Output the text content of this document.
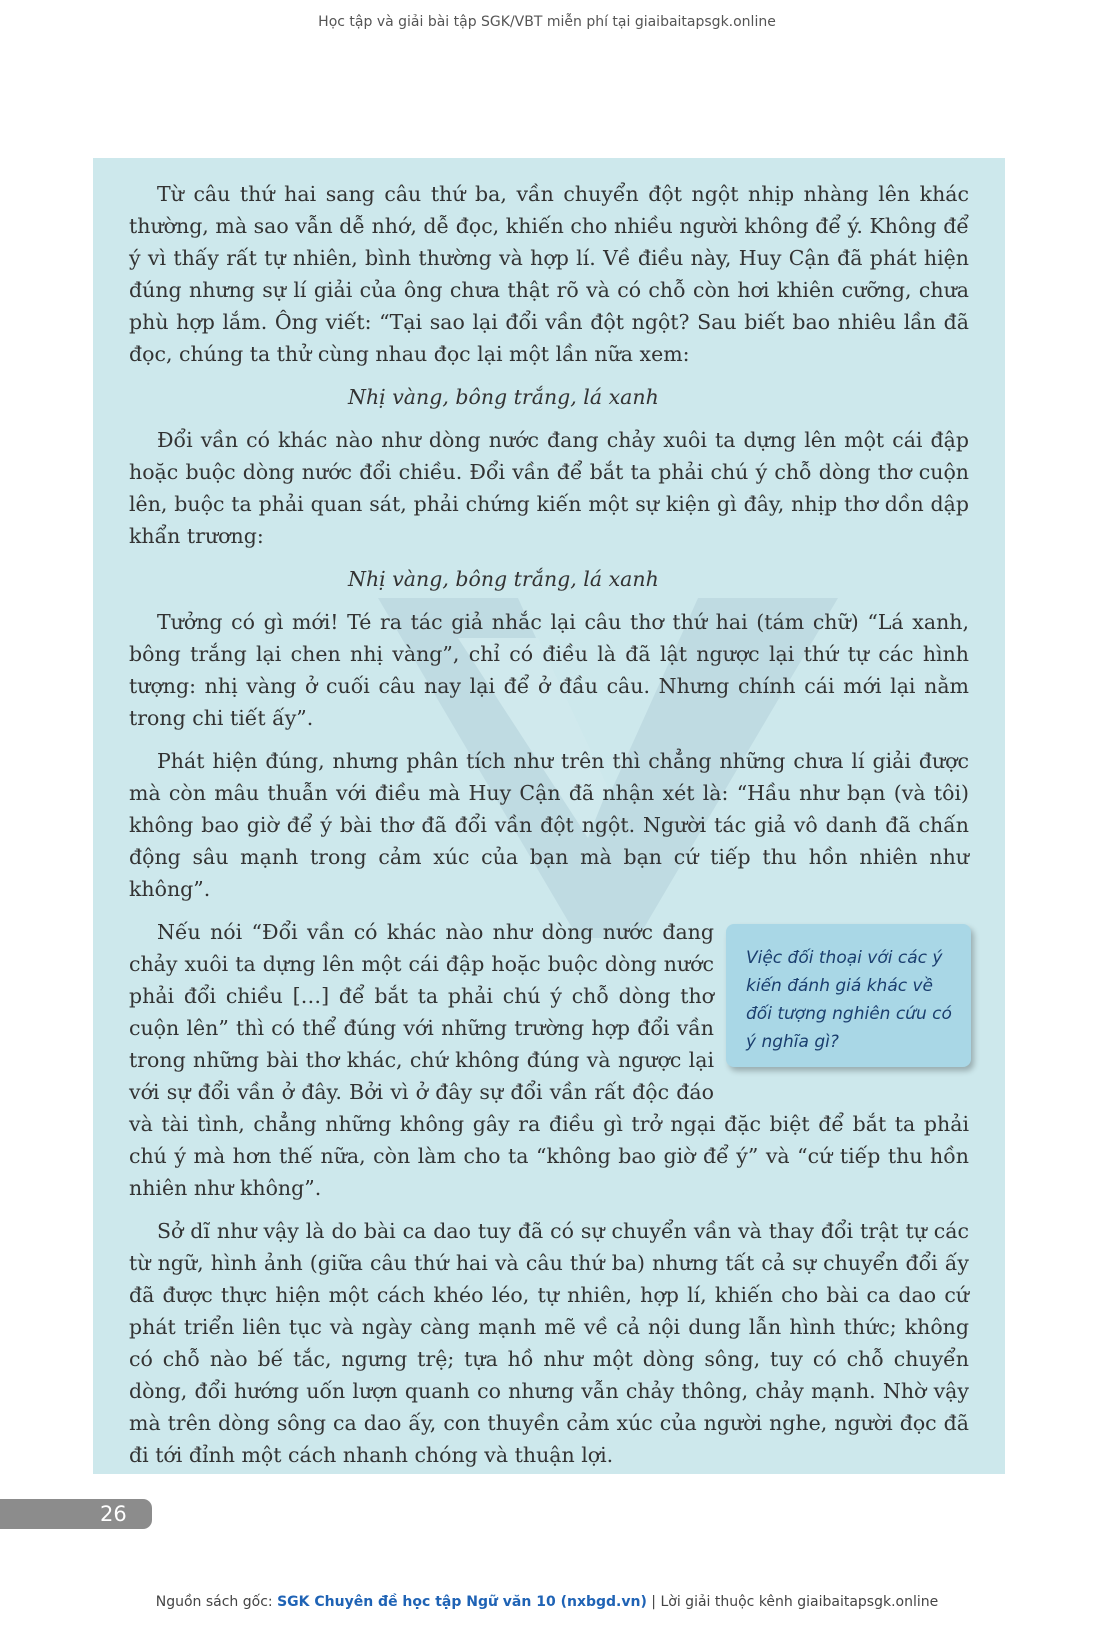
Học tập và giải bài tập SGK/VBT miễn phí tại giaibaitapsgk.online

Từ câu thứ hai sang câu thứ ba, vần chuyển đột ngột nhịp nhàng lên khác thường, mà sao vẫn dễ nhớ, dễ đọc, khiến cho nhiều người không để ý. Không để ý vì thấy rất tự nhiên, bình thường và hợp lí. Về điều này, Huy Cận đã phát hiện đúng nhưng sự lí giải của ông chưa thật rõ và có chỗ còn hơi khiên cưỡng, chưa phù hợp lắm. Ông viết: “Tại sao lại đổi vần đột ngột? Sau biết bao nhiêu lần đã đọc, chúng ta thử cùng nhau đọc lại một lần nữa xem:

Nhị vàng, bông trắng, lá xanh

Đổi vần có khác nào như dòng nước đang chảy xuôi ta dựng lên một cái đập hoặc buộc dòng nước đổi chiều. Đổi vần để bắt ta phải chú ý chỗ dòng thơ cuộn lên, buộc ta phải quan sát, phải chứng kiến một sự kiện gì đây, nhịp thơ dồn dập khẩn trương:

Nhị vàng, bông trắng, lá xanh

Tưởng có gì mới! Té ra tác giả nhắc lại câu thơ thứ hai (tám chữ) “Lá xanh, bông trắng lại chen nhị vàng”, chỉ có điều là đã lật ngược lại thứ tự các hình tượng: nhị vàng ở cuối câu nay lại để ở đầu câu. Nhưng chính cái mới lại nằm trong chi tiết ấy”.

Phát hiện đúng, nhưng phân tích như trên thì chẳng những chưa lí giải được mà còn mâu thuẫn với điều mà Huy Cận đã nhận xét là: “Hầu như bạn (và tôi) không bao giờ để ý bài thơ đã đổi vần đột ngột. Người tác giả vô danh đã chấn động sâu mạnh trong cảm xúc của bạn mà bạn cứ tiếp thu hồn nhiên như không”.

Việc đối thoại với các ý kiến đánh giá khác về đối tượng nghiên cứu có ý nghĩa gì?

Nếu nói “Đổi vần có khác nào như dòng nước đang chảy xuôi ta dựng lên một cái đập hoặc buộc dòng nước phải đổi chiều […] để bắt ta phải chú ý chỗ dòng thơ cuộn lên” thì có thể đúng với những trường hợp đổi vần trong những bài thơ khác, chứ không đúng và ngược lại với sự đổi vần ở đây. Bởi vì ở đây sự đổi vần rất độc đáo và tài tình, chẳng những không gây ra điều gì trở ngại đặc biệt để bắt ta phải chú ý mà hơn thế nữa, còn làm cho ta “không bao giờ để ý” và “cứ tiếp thu hồn nhiên như không”.

Sở dĩ như vậy là do bài ca dao tuy đã có sự chuyển vần và thay đổi trật tự các từ ngữ, hình ảnh (giữa câu thứ hai và câu thứ ba) nhưng tất cả sự chuyển đổi ấy đã được thực hiện một cách khéo léo, tự nhiên, hợp lí, khiến cho bài ca dao cứ phát triển liên tục và ngày càng mạnh mẽ về cả nội dung lẫn hình thức; không có chỗ nào bế tắc, ngưng trệ; tựa hồ như một dòng sông, tuy có chỗ chuyển dòng, đổi hướng uốn lượn quanh co nhưng vẫn chảy thông, chảy mạnh. Nhờ vậy mà trên dòng sông ca dao ấy, con thuyền cảm xúc của người nghe, người đọc đã đi tới đỉnh một cách nhanh chóng và thuận lợi.

26
Nguồn sách gốc: SGK Chuyên đề học tập Ngữ văn 10 (nxbgd.vn) | Lời giải thuộc kênh giaibaitapsgk.online
